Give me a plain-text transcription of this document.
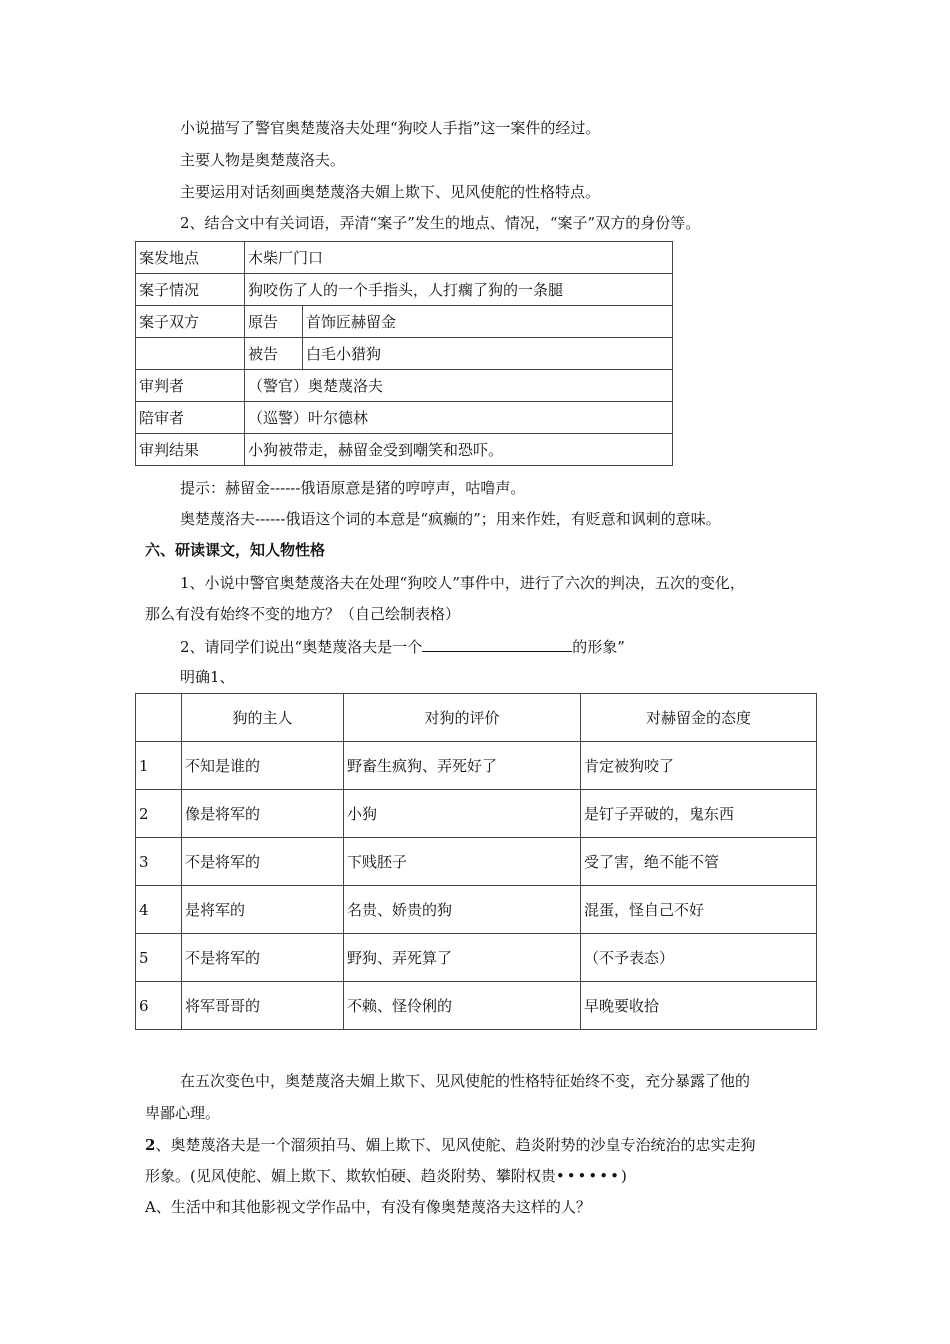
小说描写了警官奥楚蔑洛夫处理“狗咬人手指”这一案件的经过。
主要人物是奥楚蔑洛夫。
主要运用对话刻画奥楚蔑洛夫媚上欺下、见风使舵的性格特点。
2、结合文中有关词语，弄清“案子”发生的地点、情况，“案子”双方的身份等。
案发地点	木柴厂门口	
案子情况	狗咬伤了人的一个手指头，人打瘸了狗的一条腿	
案子双方	原告	首饰匠赫留金
	被告	白毛小猎狗
审判者	（警官）奥楚蔑洛夫	
陪审者	（巡警）叶尔德林	
审判结果	小狗被带走，赫留金受到嘲笑和恐吓。	
提示：赫留金------俄语原意是猪的哼哼声，咕噜声。
奥楚蔑洛夫------俄语这个词的本意是“疯癫的”；用来作姓，有贬意和讽刺的意味。
六、研读课文，知人物性格
1、小说中警官奥楚蔑洛夫在处理“狗咬人”事件中，进行了六次的判决，五次的变化，
那么有没有始终不变的地方？（自己绘制表格）
2、请同学们说出“奥楚蔑洛夫是一个	的形象”
明确1、
	狗的主人	对狗的评价	对赫留金的态度
1	不知是谁的	野畜生疯狗、弄死好了	肯定被狗咬了
2	像是将军的	小狗	是钉子弄破的，鬼东西
3	不是将军的	下贱胚子	受了害，绝不能不管
4	是将军的	名贵、娇贵的狗	混蛋，怪自己不好
5	不是将军的	野狗、弄死算了	（不予表态）
6	将军哥哥的	不赖、怪伶俐的	早晚要收拾
在五次变色中，奥楚蔑洛夫媚上欺下、见风使舵的性格特征始终不变，充分暴露了他的
卑鄙心理。
2、奥楚蔑洛夫是一个溜须拍马、媚上欺下、见风使舵、趋炎附势的沙皇专治统治的忠实走狗
形象。(见风使舵、媚上欺下、欺软怕硬、趋炎附势、攀附权贵••••••)
A、生活中和其他影视文学作品中，有没有像奥楚蔑洛夫这样的人？
